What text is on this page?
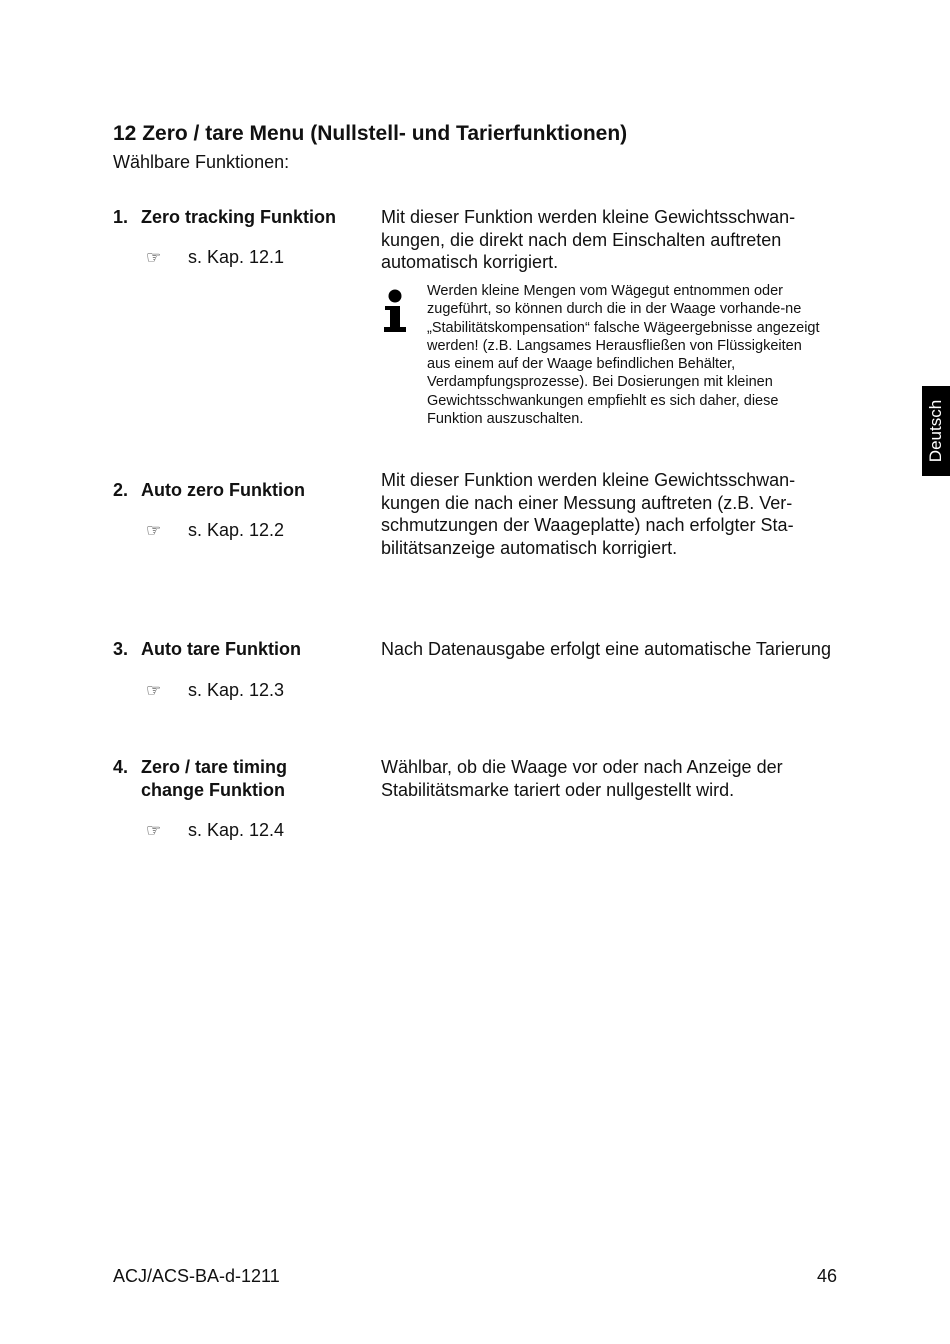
12 Zero / tare Menu (Nullstell- und Tarierfunktionen)
Wählbare Funktionen:
1. Zero tracking Funktion
☞ s. Kap. 12.1
Mit dieser Funktion werden kleine Gewichtsschwan-kungen, die direkt nach dem Einschalten auftreten automatisch korrigiert.
Werden kleine Mengen vom Wägegut entnommen oder zugeführt, so können durch die in der Waage vorhande-ne „Stabilitätskompensation“ falsche Wägeergebnisse angezeigt werden! (z.B. Langsames Herausfließen von Flüssigkeiten aus einem auf der Waage befindlichen Behälter, Verdampfungsprozesse). Bei Dosierungen mit kleinen Gewichtsschwankungen empfiehlt es sich daher, diese Funktion auszuschalten.
2. Auto zero Funktion
☞ s. Kap. 12.2
Mit dieser Funktion werden kleine Gewichtsschwan-kungen die nach einer Messung auftreten (z.B. Ver-schmutzungen der Waageplatte) nach erfolgter Sta-bilitätsanzeige automatisch korrigiert.
3. Auto tare Funktion
☞ s. Kap. 12.3
Nach Datenausgabe erfolgt eine automatische Tarierung
4. Zero / tare timing change Funktion
☞ s. Kap. 12.4
Wählbar, ob die Waage vor oder nach Anzeige der Stabilitätsmarke tariert oder nullgestellt wird.
Deutsch
ACJ/ACS-BA-d-1211	46
